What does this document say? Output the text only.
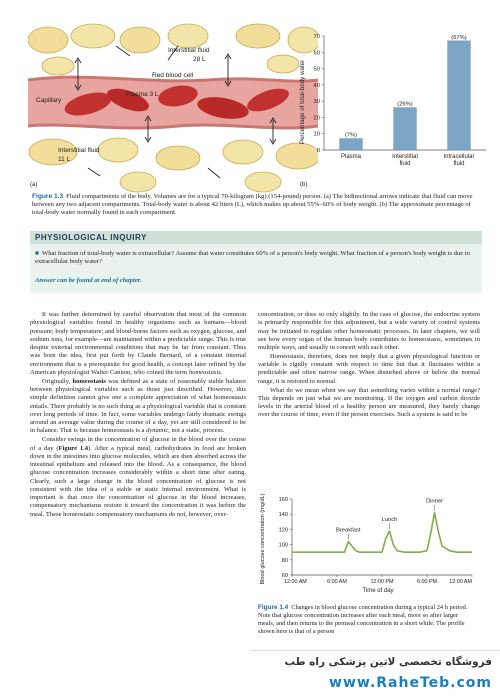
Interstitial fluid
28 L
Red blood cell
Plasma 3 L
Capillary
Interstitial fluid
11 L
(a)
0
10
20
30
40
50
60
70
(7%)
Plasma
(26%)
Interstitial
fluid
(67%)
Intracellular
fluid
Percentage of total-body water
(b)
Figure 1.3 Fluid compartments of the body. Volumes are for a typical 70-kilogram (kg) (154-pound) person. (a) The bidirectional arrows indicate that fluid can move between any two adjacent compartments. Total-body water is about 42 liters (L), which makes up about 55%–60% of body weight. (b) The approximate percentage of total-body water normally found in each compartment.
PHYSIOLOGICAL INQUIRY
■ What fraction of total-body water is extracellular? Assume that water constitutes 60% of a person's body weight. What fraction of a person's body weight is due to extracellular body water?
Answer can be found at end of chapter.

It was further determined by careful observation that most of the common physiological variables found in healthy organisms such as humans—blood pressure; body temperature; and blood-borne factors such as oxygen, glucose, and sodium ions, for example—are maintained within a predictable range. This is true despite external environmental conditions that may be far from constant. Thus was born the idea, first put forth by Claude Bernard, of a constant internal environment that is a prerequisite for good health, a concept later refined by the American physiologist Walter Cannon, who coined the term homeostasis.

Originally, homeostasis was defined as a state of reasonably stable balance between physiological variables such as those just described. However, this simple definition cannot give one a complete appreciation of what homeostasis entails. There probably is no such thing as a physiological variable that is constant over long periods of time. In fact, some variables undergo fairly dramatic swings around an average value during the course of a day, yet are still considered to be in balance. That is because homeostasis is a dynamic, not a static, process.

Consider swings in the concentration of glucose in the blood over the course of a day (Figure 1.4). After a typical meal, carbohydrates in food are broken down in the intestines into glucose molecules, which are then absorbed across the intestinal epithelium and released into the blood. As a consequence, the blood glucose concentration increases considerably within a short time after eating. Clearly, such a large change in the blood concentration of glucose is not consistent with the idea of a stable or static internal environment. What is important is that once the concentration of glucose in the blood increases, compensatory mechanisms restore it toward the concentration it was before the meal. These homeostatic compensatory mechanisms do not, however, over-

concentration, or does so only slightly. In the case of glucose, the endocrine system is primarily responsible for this adjustment, but a wide variety of control systems may be initiated to regulate other homeostatic processes. In later chapters, we will see how every organ of the human body contributes to homeostasis, sometimes in multiple ways, and usually in concert with each other.

Homeostasis, therefore, does not imply that a given physiological function or variable is rigidly constant with respect to time but that it fluctuates within a predictable and often narrow range. When disturbed above or below the normal range, it is restored to normal.

What do we mean when we say that something varies within a normal range? This depends on just what we are monitoring. If the oxygen and carbon dioxide levels in the arterial blood of a healthy person are measured, they barely change over the course of time, even if the person exercises. Such a system is said to be

60
80
100
120
140
160
12:00 AM	6:00 AM	12:00 PM	6:00 PM 12:00 AM
Breakfast
Lunch
Dinner
Blood glucose concentration (mg/dL)
Time of day
Figure 1.4 Changes in blood glucose concentration during a typical 24 h period. Note that glucose concentration increases after each meal, more so after larger meals, and then returns to the premeal concentration in a short while. The profile shown here is that of a person
فروشگاه تخصصی لاتین پزشکی راه طب
www.RaheTeb.com
